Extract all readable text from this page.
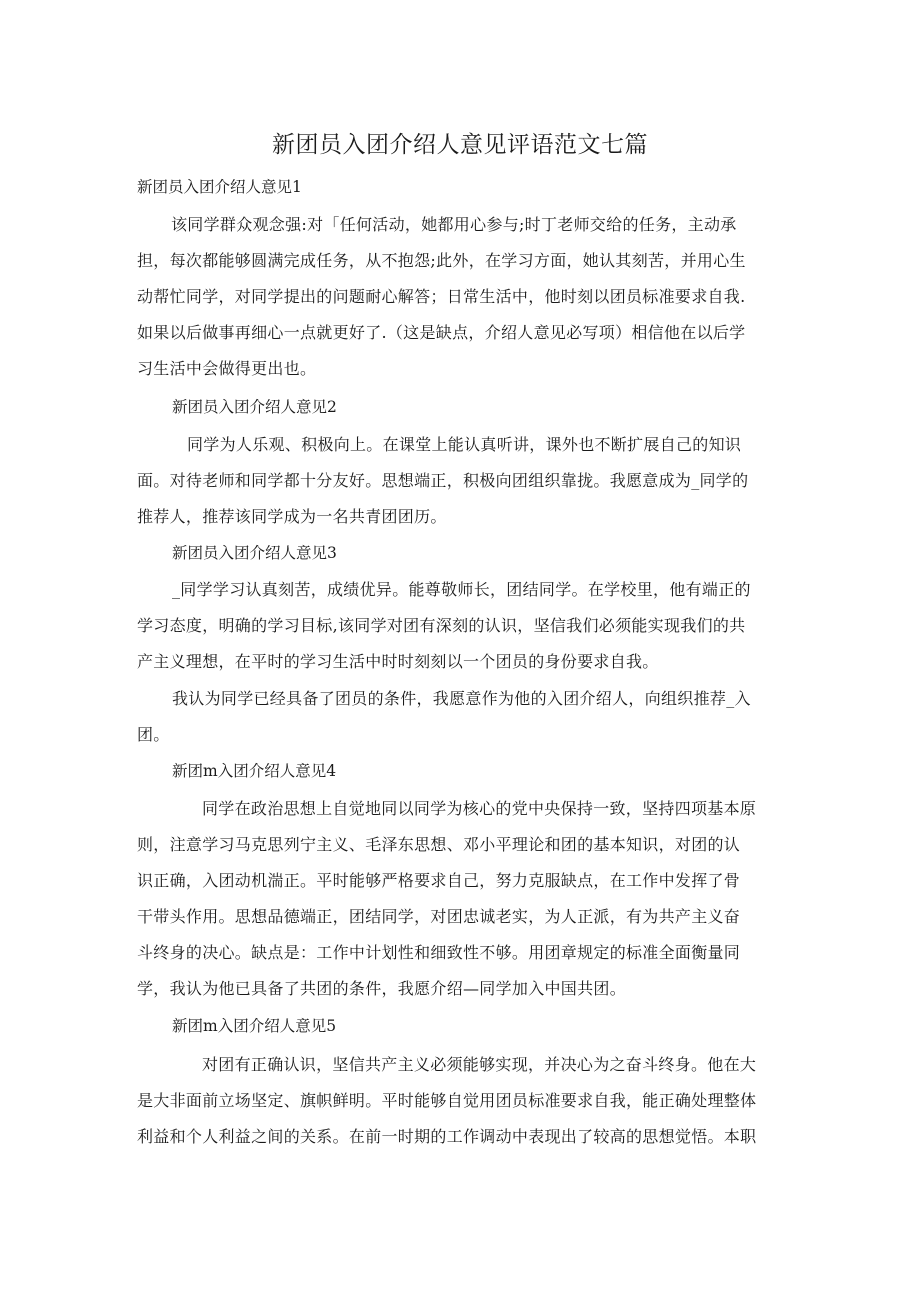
新团员入团介绍人意见评语范文七篇
新团员入团介绍人意见1

该同学群众观念强:对「任何活动，她都用心参与;时丁老师交给的任务，主动承

担，每次都能够圆满完成任务，从不抱怨;此外，在学习方面，她认其刻苦，并用心生

动帮忙同学，对同学提出的问题耐心解答；日常生活中，他时刻以团员标准要求自我.

如果以后做事再细心一点就更好了.（这是缺点，介绍人意见必写项）相信他在以后学

习生活中会做得更出也。

新团员入团介绍人意见2

同学为人乐观、积极向上。在课堂上能认真听讲，课外也不断扩展自己的知识

面。对待老师和同学都十分友好。思想端正，积极向团组织靠拢。我愿意成为_同学的

推荐人，推荐该同学成为一名共青团团历。

新团员入团介绍人意见3

_同学学习认真刻苦，成绩优异。能尊敬师长，团结同学。在学校里，他有端正的

学习态度，明确的学习目标,该同学对团有深刻的认识，坚信我们必须能实现我们的共

产主义理想，在平时的学习生活中时时刻刻以一个团员的身份要求自我。

我认为同学已经具备了团员的条件，我愿意作为他的入团介绍人，向组织推荐_入

团。

新团m入团介绍人意见4

同学在政治思想上自觉地同以同学为核心的党中央保持一致，坚持四项基本原

则，注意学习马克思列宁主义、毛泽东思想、邓小平理论和团的基本知识，对团的认

识正确，入团动机湍正。平时能够严格要求自己，努力克服缺点，在工作中发挥了骨

干带头作用。思想品德端正，团结同学，对团忠诚老实，为人正派，有为共产主义奋

斗终身的决心。缺点是：工作中计划性和细致性不够。用团章规定的标准全面衡量同

学，我认为他已具备了共团的条件，我愿介绍—同学加入中国共团。

新团m入团介绍人意见5

对团有正确认识，坚信共产主义必须能够实现，并决心为之奋斗终身。他在大

是大非面前立场坚定、旗帜鲜明。平时能够自觉用团员标准要求自我，能正确处理整体

利益和个人利益之间的关系。在前一时期的工作调动中表现出了较高的思想觉悟。本职
